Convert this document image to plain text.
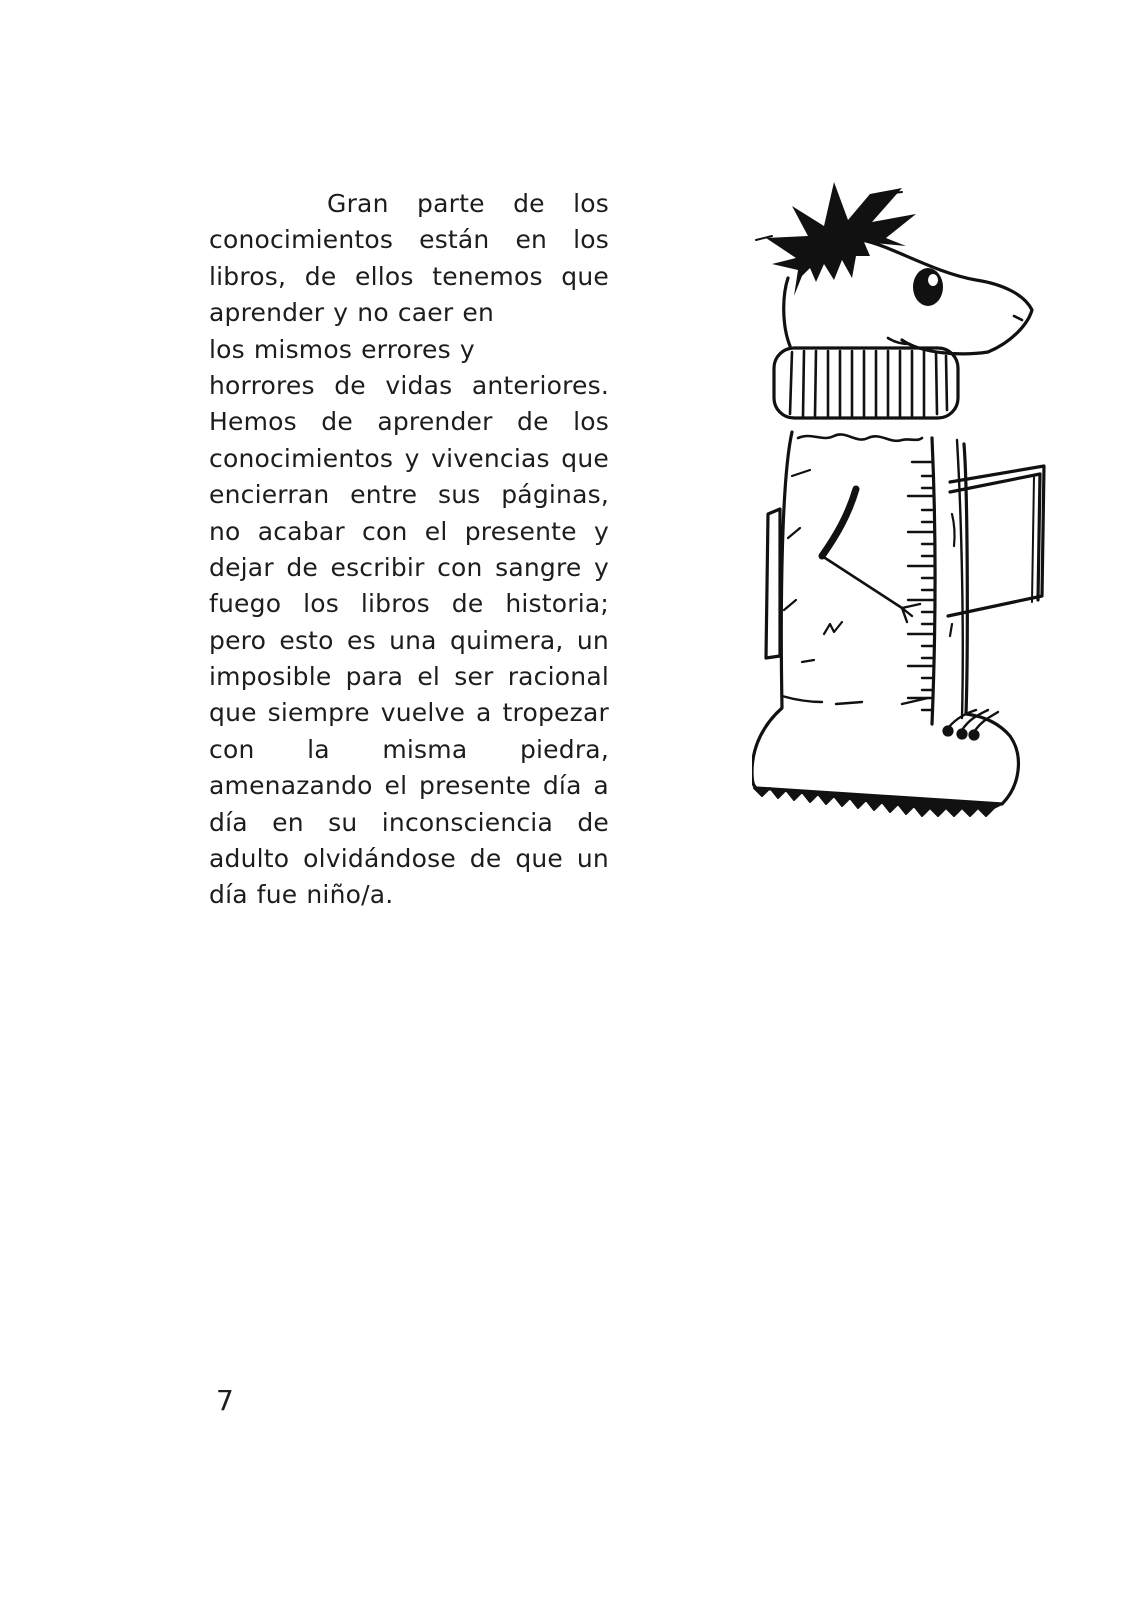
Gran parte de los
conocimientos están en los
libros, de ellos tenemos que
aprender y no caer en
los mismos errores y
horrores de vidas anteriores.
Hemos de aprender de los
conocimientos y vivencias que
encierran entre sus páginas,
no acabar con el presente y
dejar de escribir con sangre y
fuego los libros de historia;
pero esto es una quimera, un
imposible para el ser racional
que siempre vuelve a tropezar
con la misma piedra,
amenazando el presente día a
día en su inconsciencia de
adulto olvidándose de que un
día fue niño/a.
7
